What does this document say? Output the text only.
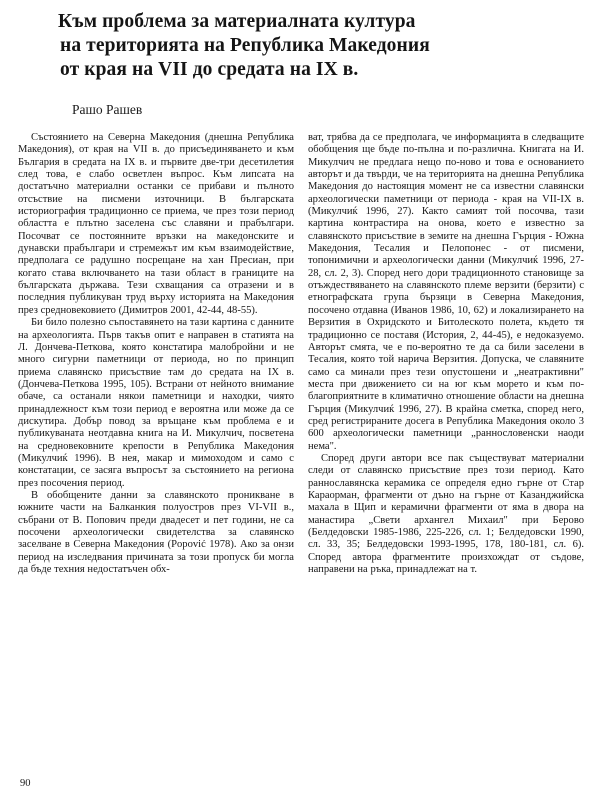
Към проблема за материалната култура
на територията на Република Македония
от края на VII до средата на IX в.
Рашо Рашев

Състоянието на Северна Македония (днешна Република Македония), от края на VII в. до присъединяването и към България в средата на IX в. и първите две-три десетилетия след това, е слабо осветлен въпрос. Към липсата на достатъчно материални останки се прибави и пълното отсъствие на писмени източници. В българската историография традиционно се приема, че през този период областта е плътно заселена със славяни и прабългари. Посочват се постоянните връзки на македонските и дунавски прабългари и стремежът им към взаимодействие, предполага се радушно посрещане на хан Пресиан, при когато става включването на тази област в границите на българската държава. Тези схващания са отразени и в последния публикуван труд върху историята на Македония през средновековието (Димитров 2001, 42-44, 48-55).

Би било полезно съпоставянето на тази картина с данните на археологията. Първ такъв опит е направен в статията на Л. Дончева-Петкова, която констатира малобройни и не много сигурни паметници от периода, но по принцип приема славянско присъствие там до средата на IX в. (Дончева-Петкова 1995, 105). Встрани от нейното внимание обаче, са останали някои паметници и находки, чиято принадлежност към този период е вероятна или може да се дискутира. Добър повод за връщане към проблема е и публикуваната неотдавна книга на И. Микулчич, посветена на средновековните крепости в Република Македония (Микулчиќ 1996). В нея, макар и мимоходом и само с констатации, се засяга въпросът за състоянието на региона през посочения период.

В обобщените данни за славянското проникване в южните части на Балканкия полуостров през VI-VII в., събрани от В. Попович преди двадесет и пет години, не са посочени археологически свидетелства за славянско заселване в Северна Македония (Popović 1978). Ако за онзи период на изследвания причината за този пропуск би могла да бъде техния недостатъчен обх-

ват, трябва да се предполага, че информацията в следващите обобщения ще бъде по-пълна и по-различна. Книгата на И. Микулчич не предлага нещо по-ново и това е основанието авторът и да твърди, че на територията на днешна Република Македония до настоящия момент не са известни славянски археологически паметници от периода - края на VII-IX в. (Микулчиќ 1996, 27). Както самият той посочва, тази картина контрастира на онова, което е известно за славянското присъствие в земите на днешна Гърция - Южна Македония, Тесалия и Пелопонес - от писмени, топонимични и археологически данни (Микулчиќ 1996, 27-28, сл. 2, 3). Според него дори традиционното становище за отъждествяването на славянското племе верзити (берзити) с етнографската група бързяци в Северна Македония, посочено отдавна (Иванов 1986, 10, 62) и локализирането на Верзития в Охридското и Битолеското полета, където тя традиционно се поставя (История, 2, 44-45), е недоказуемо. Авторът смята, че е по-вероятно те да са били заселени в Тесалия, която той нарича Верзития. Допуска, че славяните само са минали през тези опустошени и „неатрактивни" места при движението си на юг към морето и към по-благоприятните в климатично отношение области на днешна Гърция (Микулчиќ 1996, 27). В крайна сметка, според него, сред регистрираните досега в Република Македония около 3 600 археологически паметници „раннословенски наоди нема".

Според други автори все пак съществуват материални следи от славянско присъствие през този период. Като раннославянска керамика се определя едно гърне от Стар Караорман, фрагменти от дъно на гърне от Казанджийска махала в Щип и керамични фрагменти от яма в двора на манастира „Свети архангел Михаил" при Берово (Белдедовски 1985-1986, 225-226, сл. 1; Белдедовски 1990, сл. 33, 35; Белдедовски 1993-1995, 178, 180-181, сл. 6). Според автора фрагментите произхождат от съдове, направени на ръка, принадлежат на т.

90
